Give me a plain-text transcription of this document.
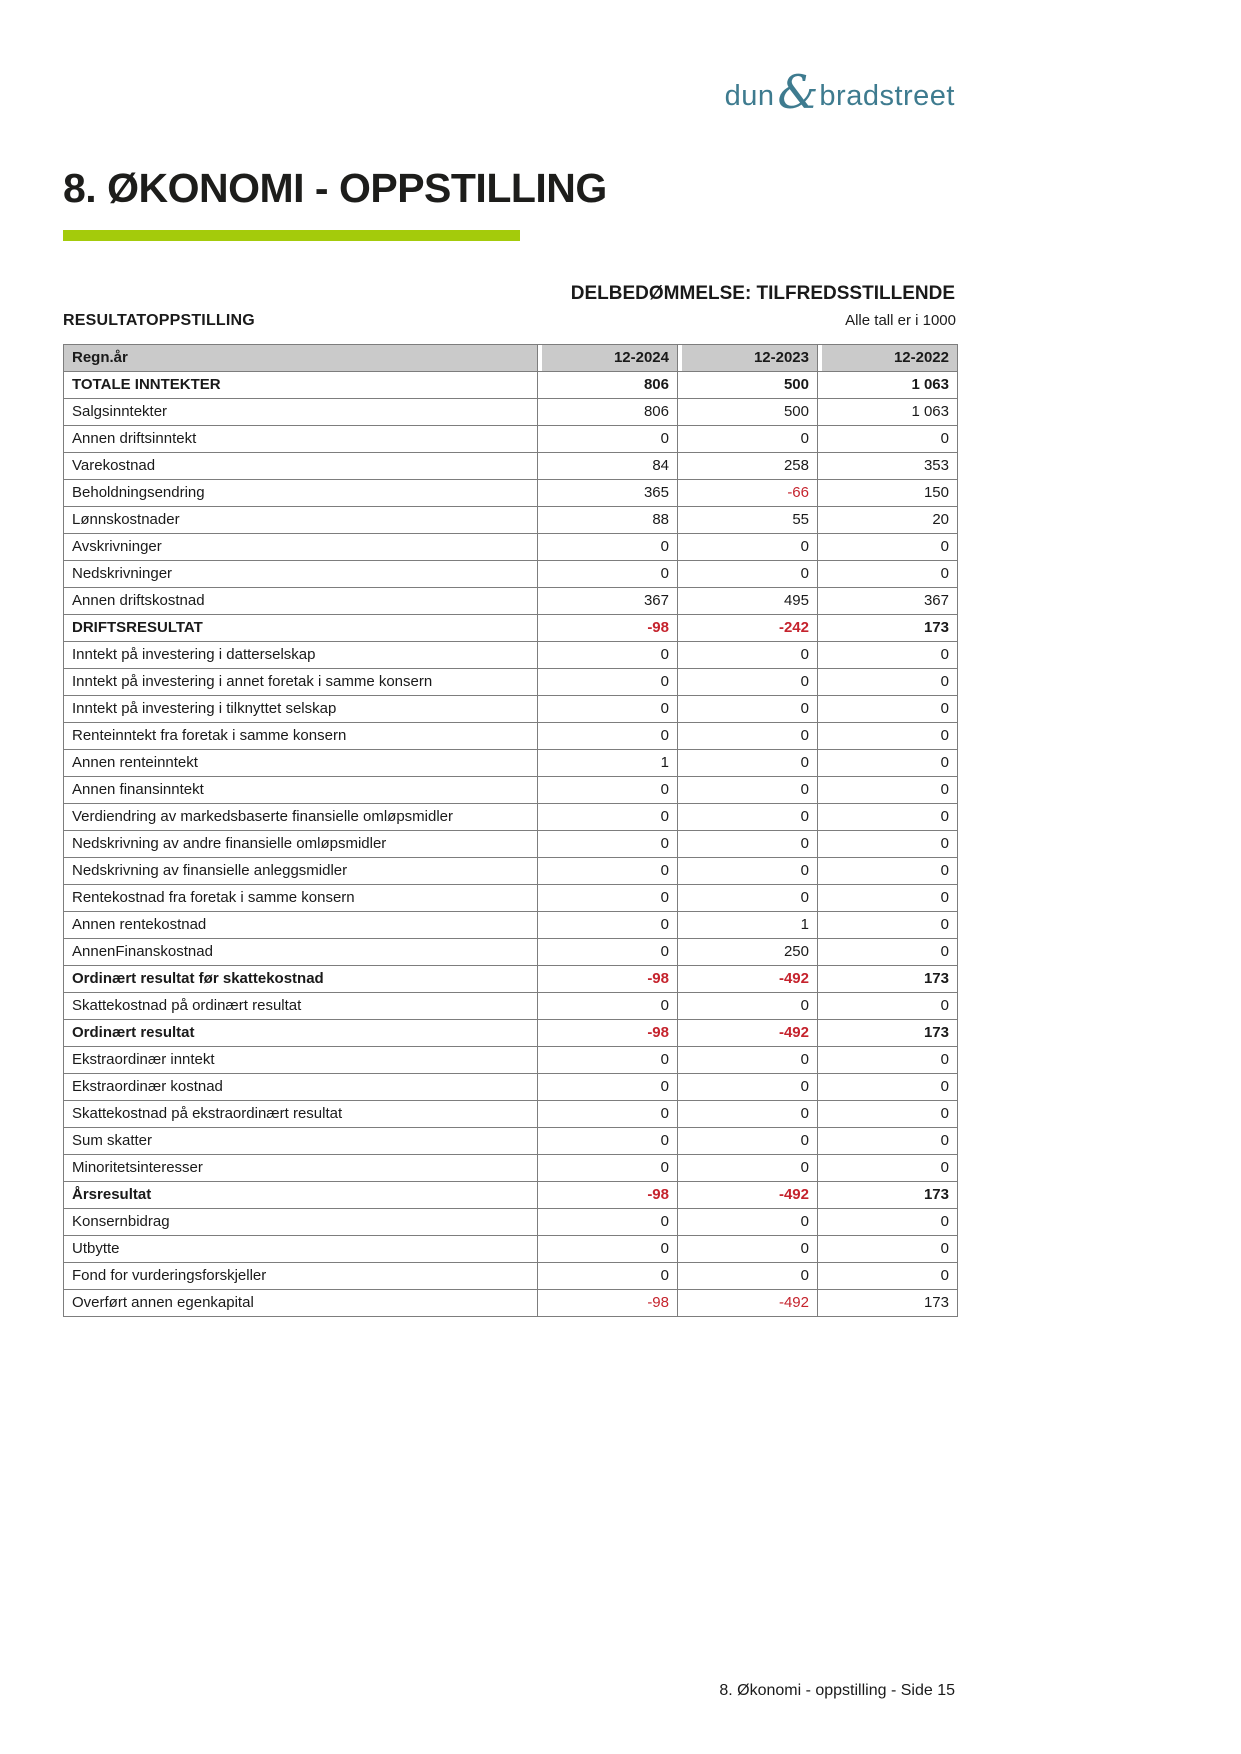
dun & bradstreet
8. ØKONOMI - OPPSTILLING
DELBEDØMMELSE: TILFREDSSTILLENDE
RESULTATOPPSTILLING	Alle tall er i 1000
Regn.år	12-2024	12-2023	12-2022
TOTALE INNTEKTER	806	500	1 063
Salgsinntekter	806	500	1 063
Annen driftsinntekt	0	0	0
Varekostnad	84	258	353
Beholdningsendring	365	-66	150
Lønnskostnader	88	55	20
Avskrivninger	0	0	0
Nedskrivninger	0	0	0
Annen driftskostnad	367	495	367
DRIFTSRESULTAT	-98	-242	173
Inntekt på investering i datterselskap	0	0	0
Inntekt på investering i annet foretak i samme konsern	0	0	0
Inntekt på investering i tilknyttet selskap	0	0	0
Renteinntekt fra foretak i samme konsern	0	0	0
Annen renteinntekt	1	0	0
Annen finansinntekt	0	0	0
Verdiendring av markedsbaserte finansielle omløpsmidler	0	0	0
Nedskrivning av andre finansielle omløpsmidler	0	0	0
Nedskrivning av finansielle anleggsmidler	0	0	0
Rentekostnad fra foretak i samme konsern	0	0	0
Annen rentekostnad	0	1	0
AnnenFinanskostnad	0	250	0
Ordinært resultat før skattekostnad	-98	-492	173
Skattekostnad på ordinært resultat	0	0	0
Ordinært resultat	-98	-492	173
Ekstraordinær inntekt	0	0	0
Ekstraordinær kostnad	0	0	0
Skattekostnad på ekstraordinært resultat	0	0	0
Sum skatter	0	0	0
Minoritetsinteresser	0	0	0
Årsresultat	-98	-492	173
Konsernbidrag	0	0	0
Utbytte	0	0	0
Fond for vurderingsforskjeller	0	0	0
Overført annen egenkapital	-98	-492	173
8. Økonomi - oppstilling - Side 15
